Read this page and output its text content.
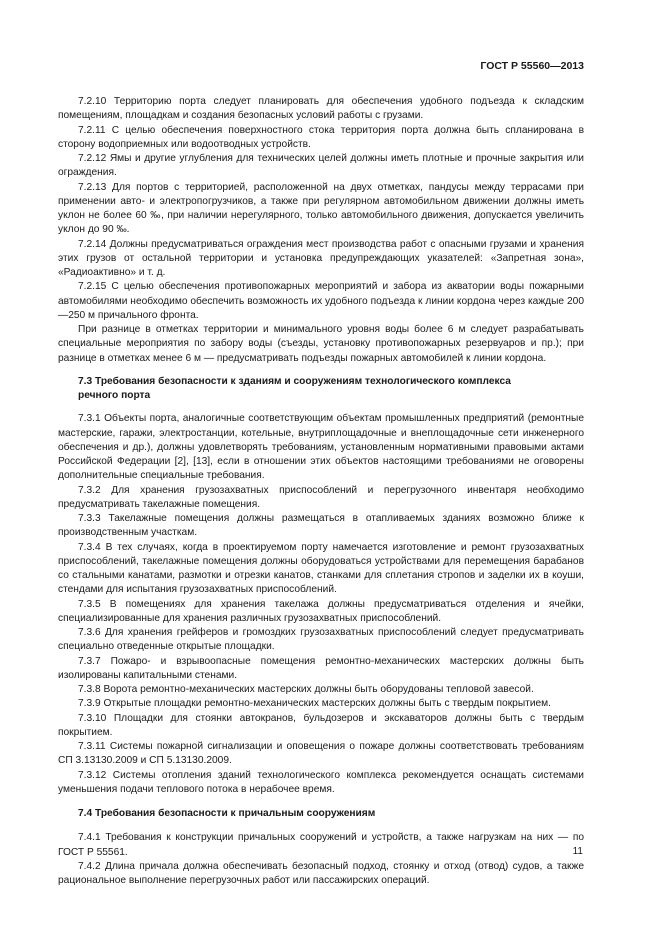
ГОСТ Р 55560—2013

7.2.10 Территорию порта следует планировать для обеспечения удобного подъезда к складским помещениям, площадкам и создания безопасных условий работы с грузами.

7.2.11 С целью обеспечения поверхностного стока территория порта должна быть спланирована в сторону водоприемных или водоотводных устройств.

7.2.12 Ямы и другие углубления для технических целей должны иметь плотные и прочные закрытия или ограждения.

7.2.13 Для портов с территорией, расположенной на двух отметках, пандусы между террасами при применении авто- и электропогрузчиков, а также при регулярном автомобильном движении должны иметь уклон не более 60 ‰, при наличии нерегулярного, только автомобильного движения, допускается увеличить уклон до 90 ‰.

7.2.14 Должны предусматриваться ограждения мест производства работ с опасными грузами и хранения этих грузов от остальной территории и установка предупреждающих указателей: «Запретная зона», «Радиоактивно» и т. д.

7.2.15 С целью обеспечения противопожарных мероприятий и забора из акватории воды пожарными автомобилями необходимо обеспечить возможность их удобного подъезда к линии кордона через каждые 200—250 м причального фронта.

При разнице в отметках территории и минимального уровня воды более 6 м следует разрабатывать специальные мероприятия по забору воды (съезды, установку противопожарных резервуаров и пр.); при разнице в отметках менее 6 м — предусматривать подъезды пожарных автомобилей к линии кордона.

7.3 Требования безопасности к зданиям и сооружениям технологического комплекса
речного порта

7.3.1 Объекты порта, аналогичные соответствующим объектам промышленных предприятий (ремонтные мастерские, гаражи, электростанции, котельные, внутриплощадочные и внеплощадочные сети инженерного обеспечения и др.), должны удовлетворять требованиям, установленным нормативными правовыми актами Российской Федерации [2], [13], если в отношении этих объектов настоящими требованиями не оговорены дополнительные специальные требования.

7.3.2 Для хранения грузозахватных приспособлений и перегрузочного инвентаря необходимо предусматривать такелажные помещения.

7.3.3 Такелажные помещения должны размещаться в отапливаемых зданиях возможно ближе к производственным участкам.

7.3.4 В тех случаях, когда в проектируемом порту намечается изготовление и ремонт грузозахватных приспособлений, такелажные помещения должны оборудоваться устройствами для перемещения барабанов со стальными канатами, размотки и отрезки канатов, станками для сплетания стропов и заделки их в коуши, стендами для испытания грузозахватных приспособлений.

7.3.5 В помещениях для хранения такелажа должны предусматриваться отделения и ячейки, специализированные для хранения различных грузозахватных приспособлений.

7.3.6 Для хранения грейферов и громоздких грузозахватных приспособлений следует предусматривать специально отведенные открытые площадки.

7.3.7 Пожаро- и взрывоопасные помещения ремонтно-механических мастерских должны быть изолированы капитальными стенами.

7.3.8 Ворота ремонтно-механических мастерских должны быть оборудованы тепловой завесой.

7.3.9 Открытые площадки ремонтно-механических мастерских должны быть с твердым покрытием.

7.3.10 Площадки для стоянки автокранов, бульдозеров и экскаваторов должны быть с твердым покрытием.

7.3.11 Системы пожарной сигнализации и оповещения о пожаре должны соответствовать требованиям СП 3.13130.2009 и СП 5.13130.2009.

7.3.12 Системы отопления зданий технологического комплекса рекомендуется оснащать системами уменьшения подачи теплового потока в нерабочее время.

7.4 Требования безопасности к причальным сооружениям

7.4.1 Требования к конструкции причальных сооружений и устройств, а также нагрузкам на них — по ГОСТ Р 55561.

7.4.2 Длина причала должна обеспечивать безопасный подход, стоянку и отход (отвод) судов, а также рациональное выполнение перегрузочных работ или пассажирских операций.

11
